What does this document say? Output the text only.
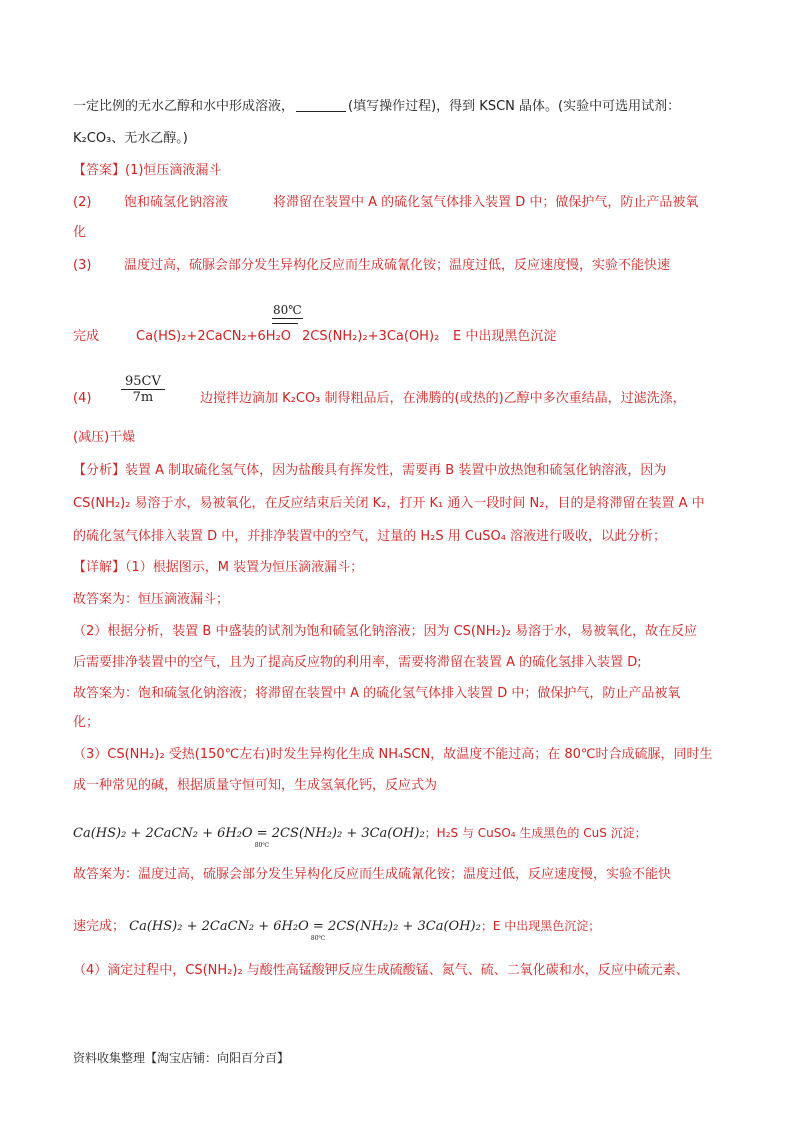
一定比例的无水乙醇和水中形成溶液，	(填写操作过程)，得到 KSCN 晶体。(实验中可选用试剂：
K₂CO₃、无水乙醇。)
【答案】(1)恒压滴液漏斗
(2)	饱和硫氢化钠溶液	将滞留在装置中 A 的硫化氢气体排入装置 D 中；做保护气，防止产品被氧
化
(3)	温度过高，硫脲会部分发生异构化反应而生成硫氰化铵；温度过低，反应速度慢，实验不能快速
80℃
完成	Ca(HS)₂+2CaCN₂+6H₂O 2CS(NH₂)₂+3Ca(OH)₂ E 中出现黑色沉淀
(4)
95CV
7m	边搅拌边滴加 K₂CO₃ 制得粗品后，在沸腾的(或热的)乙醇中多次重结晶，过滤洗涤，
(减压)干燥
【分析】装置 A 制取硫化氢气体，因为盐酸具有挥发性，需要再 B 装置中放热饱和硫氢化钠溶液，因为
CS(NH₂)₂ 易溶于水，易被氧化，在反应结束后关闭 K₂，打开 K₁ 通入一段时间 N₂，目的是将滞留在装置 A 中
的硫化氢气体排入装置 D 中，并排净装置中的空气，过量的 H₂S 用 CuSO₄ 溶液进行吸收，以此分析；
【详解】（1）根据图示，M 装置为恒压滴液漏斗；
故答案为：恒压滴液漏斗；
（2）根据分析，装置 B 中盛装的试剂为饱和硫氢化钠溶液；因为 CS(NH₂)₂ 易溶于水，易被氧化，故在反应
后需要排净装置中的空气，且为了提高反应物的利用率，需要将滞留在装置 A 的硫化氢排入装置 D;
故答案为：饱和硫氢化钠溶液；将滞留在装置中 A 的硫化氢气体排入装置 D 中；做保护气，防止产品被氧
化；
（3）CS(NH₂)₂ 受热(150℃左右)时发生异构化生成 NH₄SCN，故温度不能过高；在 80℃时合成硫脲，同时生
成一种常见的碱，根据质量守恒可知，生成氢氧化钙，反应式为
Ca(HS)₂ + 2CaCN₂ + 6H₂O =
80℃
2CS(NH₂)₂ + 3Ca(OH)₂；H₂S 与 CuSO₄ 生成黑色的 CuS 沉淀；
故答案为：温度过高，硫脲会部分发生异构化反应而生成硫氰化铵；温度过低，反应速度慢，实验不能快
速完成； Ca(HS)₂ + 2CaCN₂ + 6H₂O =
80℃
2CS(NH₂)₂ + 3Ca(OH)₂；E 中出现黑色沉淀；
（4）滴定过程中，CS(NH₂)₂ 与酸性高锰酸钾反应生成硫酸锰、氮气、硫、二氧化碳和水，反应中硫元素、
资料收集整理【淘宝店铺：向阳百分百】
